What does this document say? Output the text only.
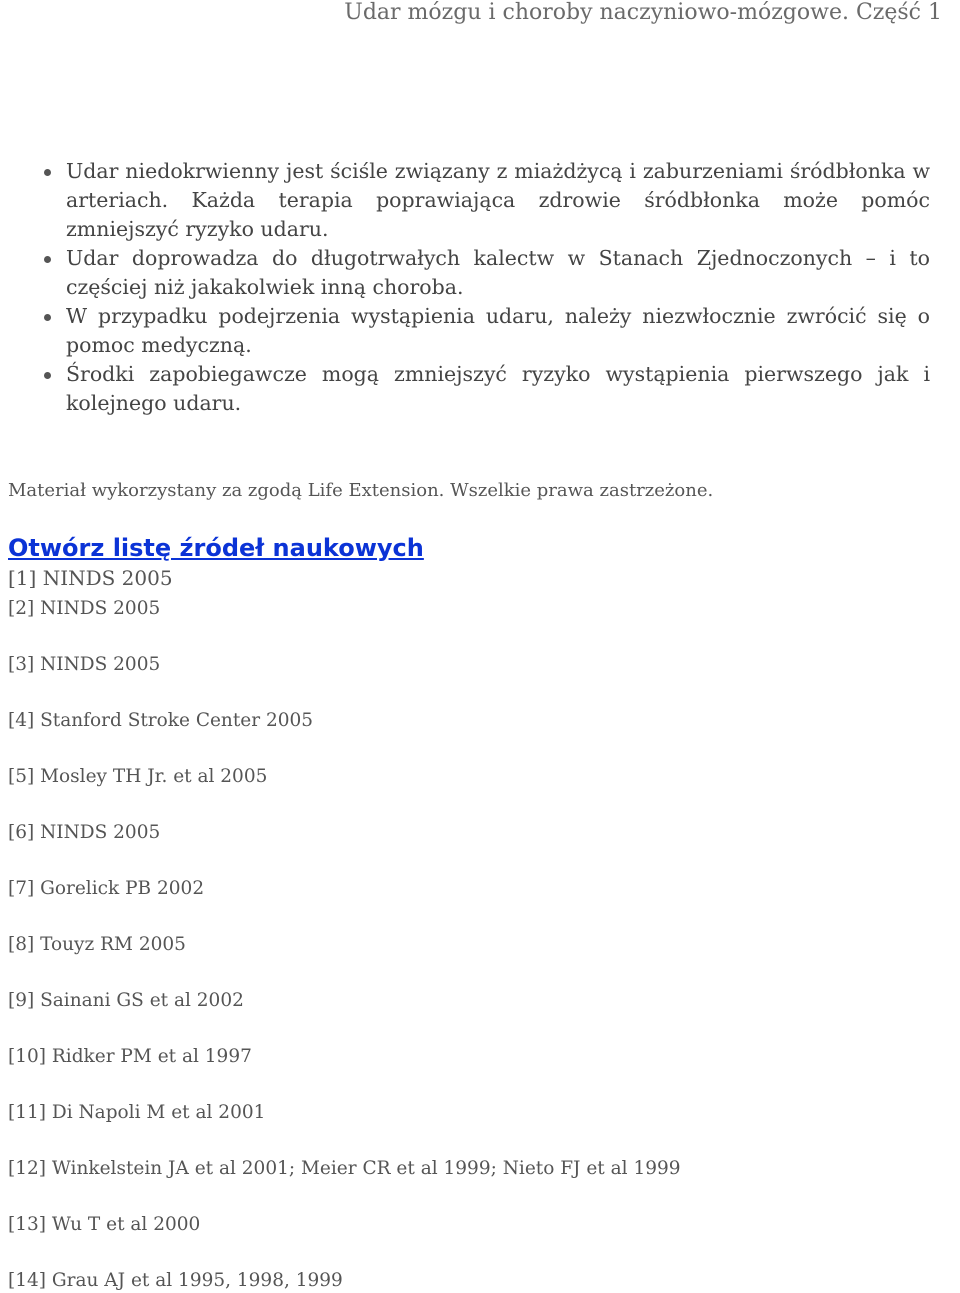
Udar mózgu i choroby naczyniowo-mózgowe. Część 1
Udar niedokrwienny jest ściśle związany z miażdżycą i zaburzeniami śródbłonka w arteriach. Każda terapia poprawiająca zdrowie śródbłonka może pomóc zmniejszyć ryzyko udaru.
Udar doprowadza do długotrwałych kalectw w Stanach Zjednoczonych – i to częściej niż jakakolwiek inną choroba.
W przypadku podejrzenia wystąpienia udaru, należy niezwłocznie zwrócić się o pomoc medyczną.
Środki zapobiegawcze mogą zmniejszyć ryzyko wystąpienia pierwszego jak i kolejnego udaru.
Materiał wykorzystany za zgodą Life Extension. Wszelkie prawa zastrzeżone.
Otwórz listę źródeł naukowych
[1] NINDS 2005
[2] NINDS 2005
[3] NINDS 2005
[4] Stanford Stroke Center 2005
[5] Mosley TH Jr. et al 2005
[6] NINDS 2005
[7] Gorelick PB 2002
[8] Touyz RM 2005
[9] Sainani GS et al 2002
[10] Ridker PM et al 1997
[11] Di Napoli M et al 2001
[12] Winkelstein JA et al 2001; Meier CR et al 1999; Nieto FJ et al 1999
[13] Wu T et al 2000
[14] Grau AJ et al 1995, 1998, 1999
